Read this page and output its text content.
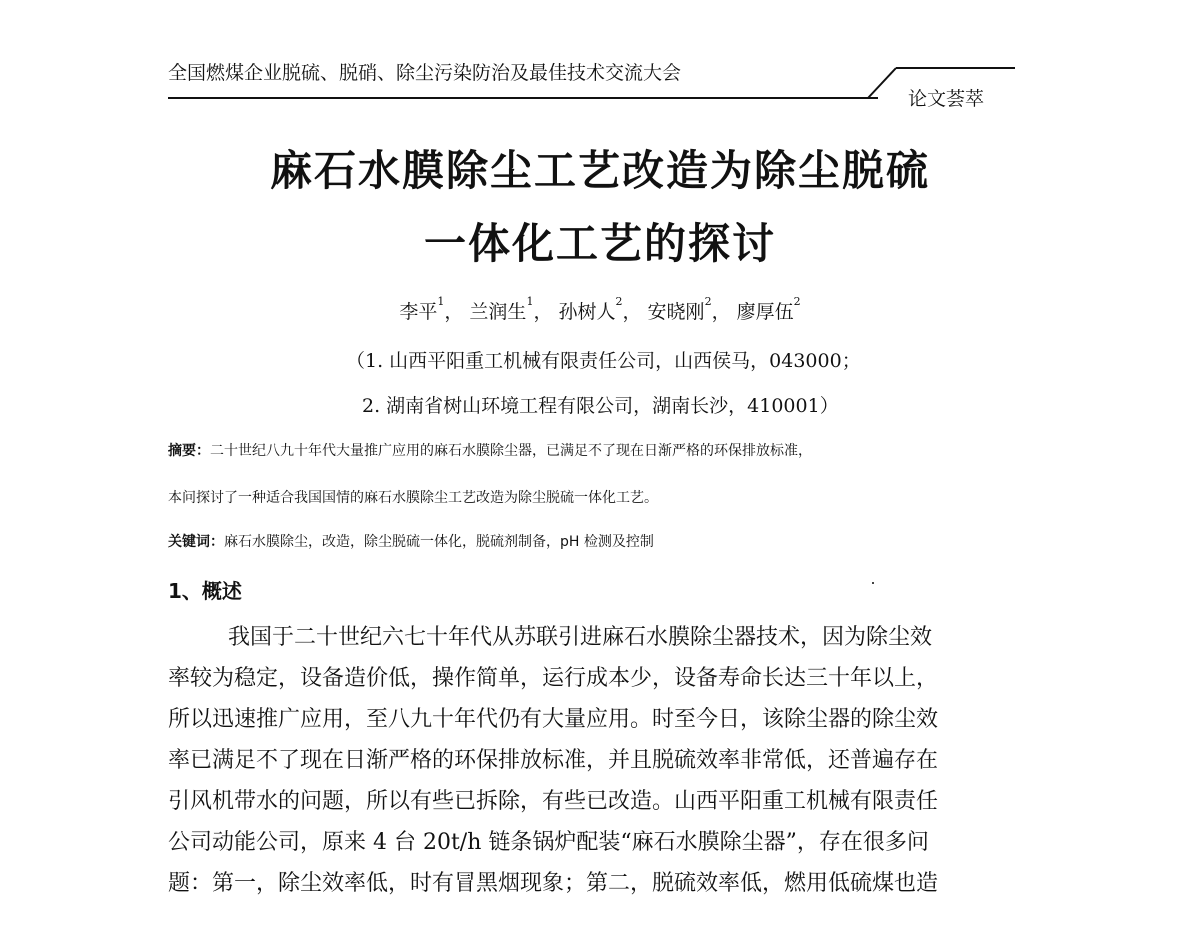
全国燃煤企业脱硫、脱硝、除尘污染防治及最佳技术交流大会
论文荟萃
麻石水膜除尘工艺改造为除尘脱硫
一体化工艺的探讨
李平$^1$， 兰润生$^1$， 孙树人$^2$， 安晓刚$^2$， 廖厚伍$^2$
（1. 山西平阳重工机械有限责任公司，山西侯马，043000；
2. 湖南省树山环境工程有限公司，湖南长沙，410001）
摘要：二十世纪八九十年代大量推广应用的麻石水膜除尘器，已满足不了现在日渐严格的环保排放标准，
本问探讨了一种适合我国国情的麻石水膜除尘工艺改造为除尘脱硫一体化工艺。
关键词：麻石水膜除尘，改造，除尘脱硫一体化，脱硫剂制备，pH 检测及控制
1、概述
我国于二十世纪六七十年代从苏联引进麻石水膜除尘器技术，因为除尘效
率较为稳定，设备造价低，操作简单，运行成本少，设备寿命长达三十年以上，
所以迅速推广应用，至八九十年代仍有大量应用。时至今日，该除尘器的除尘效
率已满足不了现在日渐严格的环保排放标准，并且脱硫效率非常低，还普遍存在
引风机带水的问题，所以有些已拆除，有些已改造。山西平阳重工机械有限责任
公司动能公司，原来 4 台 20t/h 链条锅炉配装“麻石水膜除尘器”，存在很多问
题：第一，除尘效率低，时有冒黑烟现象；第二，脱硫效率低，燃用低硫煤也造
